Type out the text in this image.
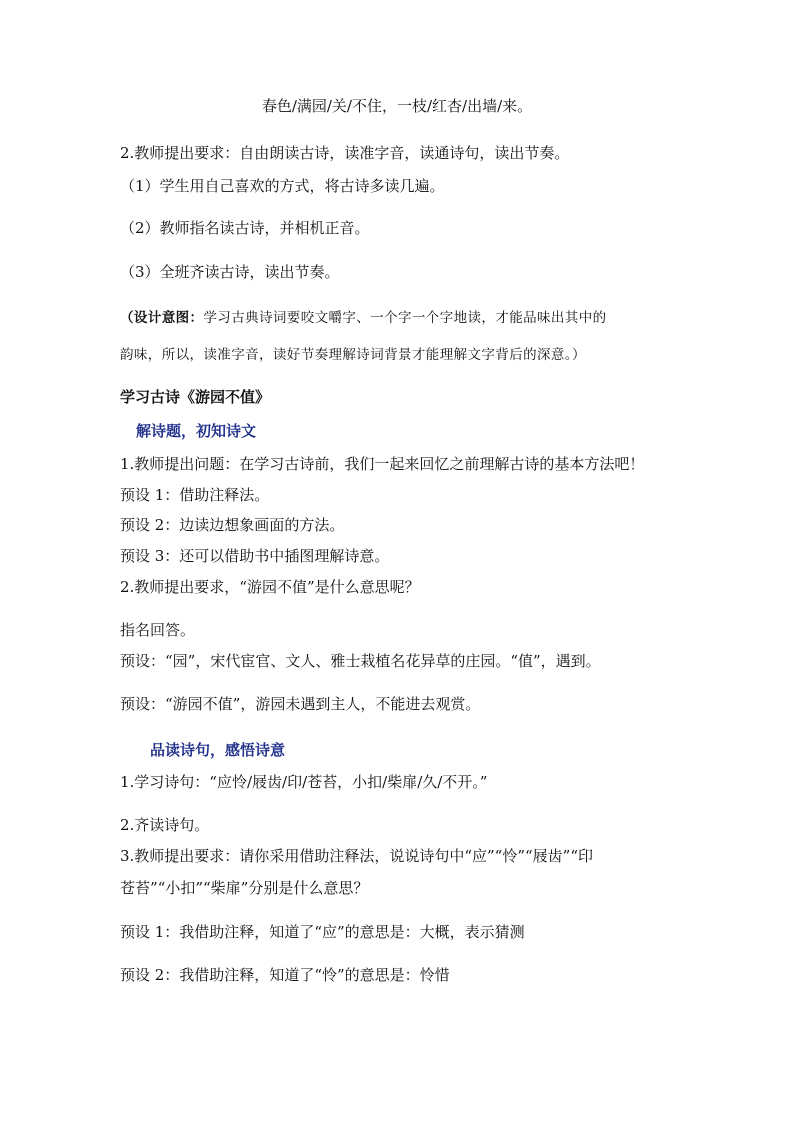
春色/满园/关/不住，一枝/红杏/出墙/来。
2.教师提出要求：自由朗读古诗，读准字音，读通诗句，读出节奏。
（1）学生用自己喜欢的方式，将古诗多读几遍。
（2）教师指名读古诗，并相机正音。
（3）全班齐读古诗，读出节奏。
（设计意图：学习古典诗词要咬文嚼字、一个字一个字地读，才能品味出其中的
韵味，所以，读准字音，读好节奏理解诗词背景才能理解文字背后的深意。）
学习古诗《游园不值》
解诗题，初知诗文
1.教师提出问题：在学习古诗前，我们一起来回忆之前理解古诗的基本方法吧！
预设 1：借助注释法。
预设 2：边读边想象画面的方法。
预设 3：还可以借助书中插图理解诗意。
2.教师提出要求，“游园不值”是什么意思呢？
指名回答。
预设：“园”，宋代宦官、文人、雅士栽植名花异草的庄园。“值”，遇到。
预设：“游园不值”，游园未遇到主人，不能进去观赏。
品读诗句，感悟诗意
1.学习诗句：“应怜/屐齿/印/苍苔，小扣/柴扉/久/不开。”
2.齐读诗句。
3.教师提出要求：请你采用借助注释法，说说诗句中“应”“怜”“屐齿”“印
苍苔”“小扣”“柴扉”分别是什么意思？
预设 1：我借助注释，知道了“应”的意思是：大概，表示猜测
预设 2：我借助注释，知道了“怜”的意思是：怜惜
